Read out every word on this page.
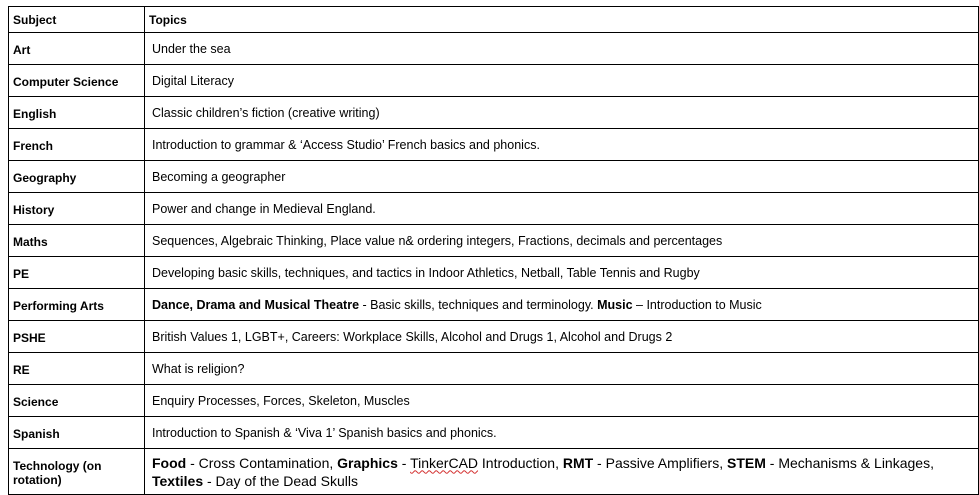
Subject	Topics
Art	Under the sea
Computer Science	Digital Literacy
English	Classic children’s fiction (creative writing)
French	Introduction to grammar & ‘Access Studio’ French basics and phonics.
Geography	Becoming a geographer
History	Power and change in Medieval England.
Maths	Sequences, Algebraic Thinking, Place value n& ordering integers, Fractions, decimals and percentages
PE	Developing basic skills, techniques, and tactics in Indoor Athletics, Netball, Table Tennis and Rugby
Performing Arts	Dance, Drama and Musical Theatre - Basic skills, techniques and terminology. Music – Introduction to Music
PSHE	British Values 1, LGBT+, Careers: Workplace Skills, Alcohol and Drugs 1, Alcohol and Drugs 2
RE	What is religion?
Science	Enquiry Processes, Forces, Skeleton, Muscles
Spanish	Introduction to Spanish & ‘Viva 1’ Spanish basics and phonics.
Technology (on rotation)	Food - Cross Contamination, Graphics - TinkerCAD Introduction, RMT - Passive Amplifiers, STEM - Mechanisms & Linkages, Textiles - Day of the Dead Skulls
